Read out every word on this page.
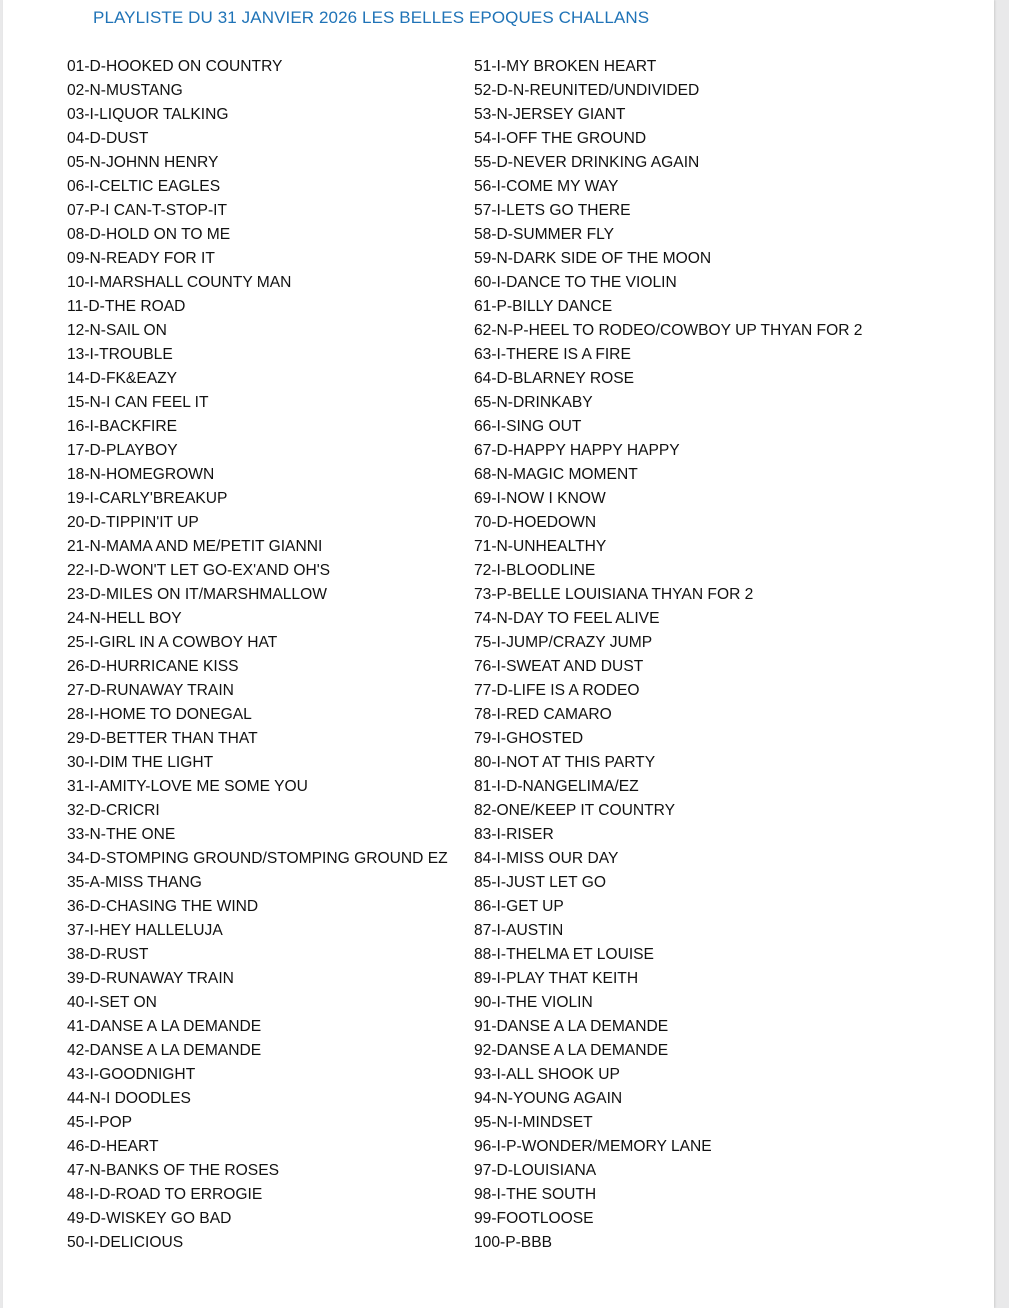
PLAYLISTE DU 31 JANVIER 2026 LES BELLES EPOQUES CHALLANS
01-D-HOOKED ON COUNTRY
02-N-MUSTANG
03-I-LIQUOR TALKING
04-D-DUST
05-N-JOHNN HENRY
06-I-CELTIC EAGLES
07-P-I CAN-T-STOP-IT
08-D-HOLD ON TO ME
09-N-READY FOR IT
10-I-MARSHALL COUNTY MAN
11-D-THE ROAD
12-N-SAIL ON
13-I-TROUBLE
14-D-FK&EAZY
15-N-I CAN FEEL IT
16-I-BACKFIRE
17-D-PLAYBOY
18-N-HOMEGROWN
19-I-CARLY'BREAKUP
20-D-TIPPIN'IT UP
21-N-MAMA AND ME/PETIT GIANNI
22-I-D-WON'T LET GO-EX'AND OH'S
23-D-MILES ON IT/MARSHMALLOW
24-N-HELL BOY
25-I-GIRL IN A COWBOY HAT
26-D-HURRICANE KISS
27-D-RUNAWAY TRAIN
28-I-HOME TO DONEGAL
29-D-BETTER THAN THAT
30-I-DIM THE LIGHT
31-I-AMITY-LOVE ME SOME YOU
32-D-CRICRI
33-N-THE ONE
34-D-STOMPING GROUND/STOMPING GROUND EZ
35-A-MISS THANG
36-D-CHASING THE WIND
37-I-HEY HALLELUJA
38-D-RUST
39-D-RUNAWAY TRAIN
40-I-SET ON
41-DANSE A LA DEMANDE
42-DANSE A LA DEMANDE
43-I-GOODNIGHT
44-N-I DOODLES
45-I-POP
46-D-HEART
47-N-BANKS OF THE ROSES
48-I-D-ROAD TO ERROGIE
49-D-WISKEY GO BAD
50-I-DELICIOUS
51-I-MY BROKEN HEART
52-D-N-REUNITED/UNDIVIDED
53-N-JERSEY GIANT
54-I-OFF THE GROUND
55-D-NEVER DRINKING AGAIN
56-I-COME MY WAY
57-I-LETS GO THERE
58-D-SUMMER FLY
59-N-DARK SIDE OF THE MOON
60-I-DANCE TO THE VIOLIN
61-P-BILLY DANCE
62-N-P-HEEL TO RODEO/COWBOY UP THYAN FOR 2
63-I-THERE IS A FIRE
64-D-BLARNEY ROSE
65-N-DRINKABY
66-I-SING OUT
67-D-HAPPY HAPPY HAPPY
68-N-MAGIC MOMENT
69-I-NOW I KNOW
70-D-HOEDOWN
71-N-UNHEALTHY
72-I-BLOODLINE
73-P-BELLE LOUISIANA THYAN FOR 2
74-N-DAY TO FEEL ALIVE
75-I-JUMP/CRAZY JUMP
76-I-SWEAT AND DUST
77-D-LIFE IS A RODEO
78-I-RED CAMARO
79-I-GHOSTED
80-I-NOT AT THIS PARTY
81-I-D-NANGELIMA/EZ
82-ONE/KEEP IT COUNTRY
83-I-RISER
84-I-MISS OUR DAY
85-I-JUST LET GO
86-I-GET UP
87-I-AUSTIN
88-I-THELMA ET LOUISE
89-I-PLAY THAT KEITH
90-I-THE VIOLIN
91-DANSE A LA DEMANDE
92-DANSE A LA DEMANDE
93-I-ALL SHOOK UP
94-N-YOUNG AGAIN
95-N-I-MINDSET
96-I-P-WONDER/MEMORY LANE
97-D-LOUISIANA
98-I-THE SOUTH
99-FOOTLOOSE
100-P-BBB
